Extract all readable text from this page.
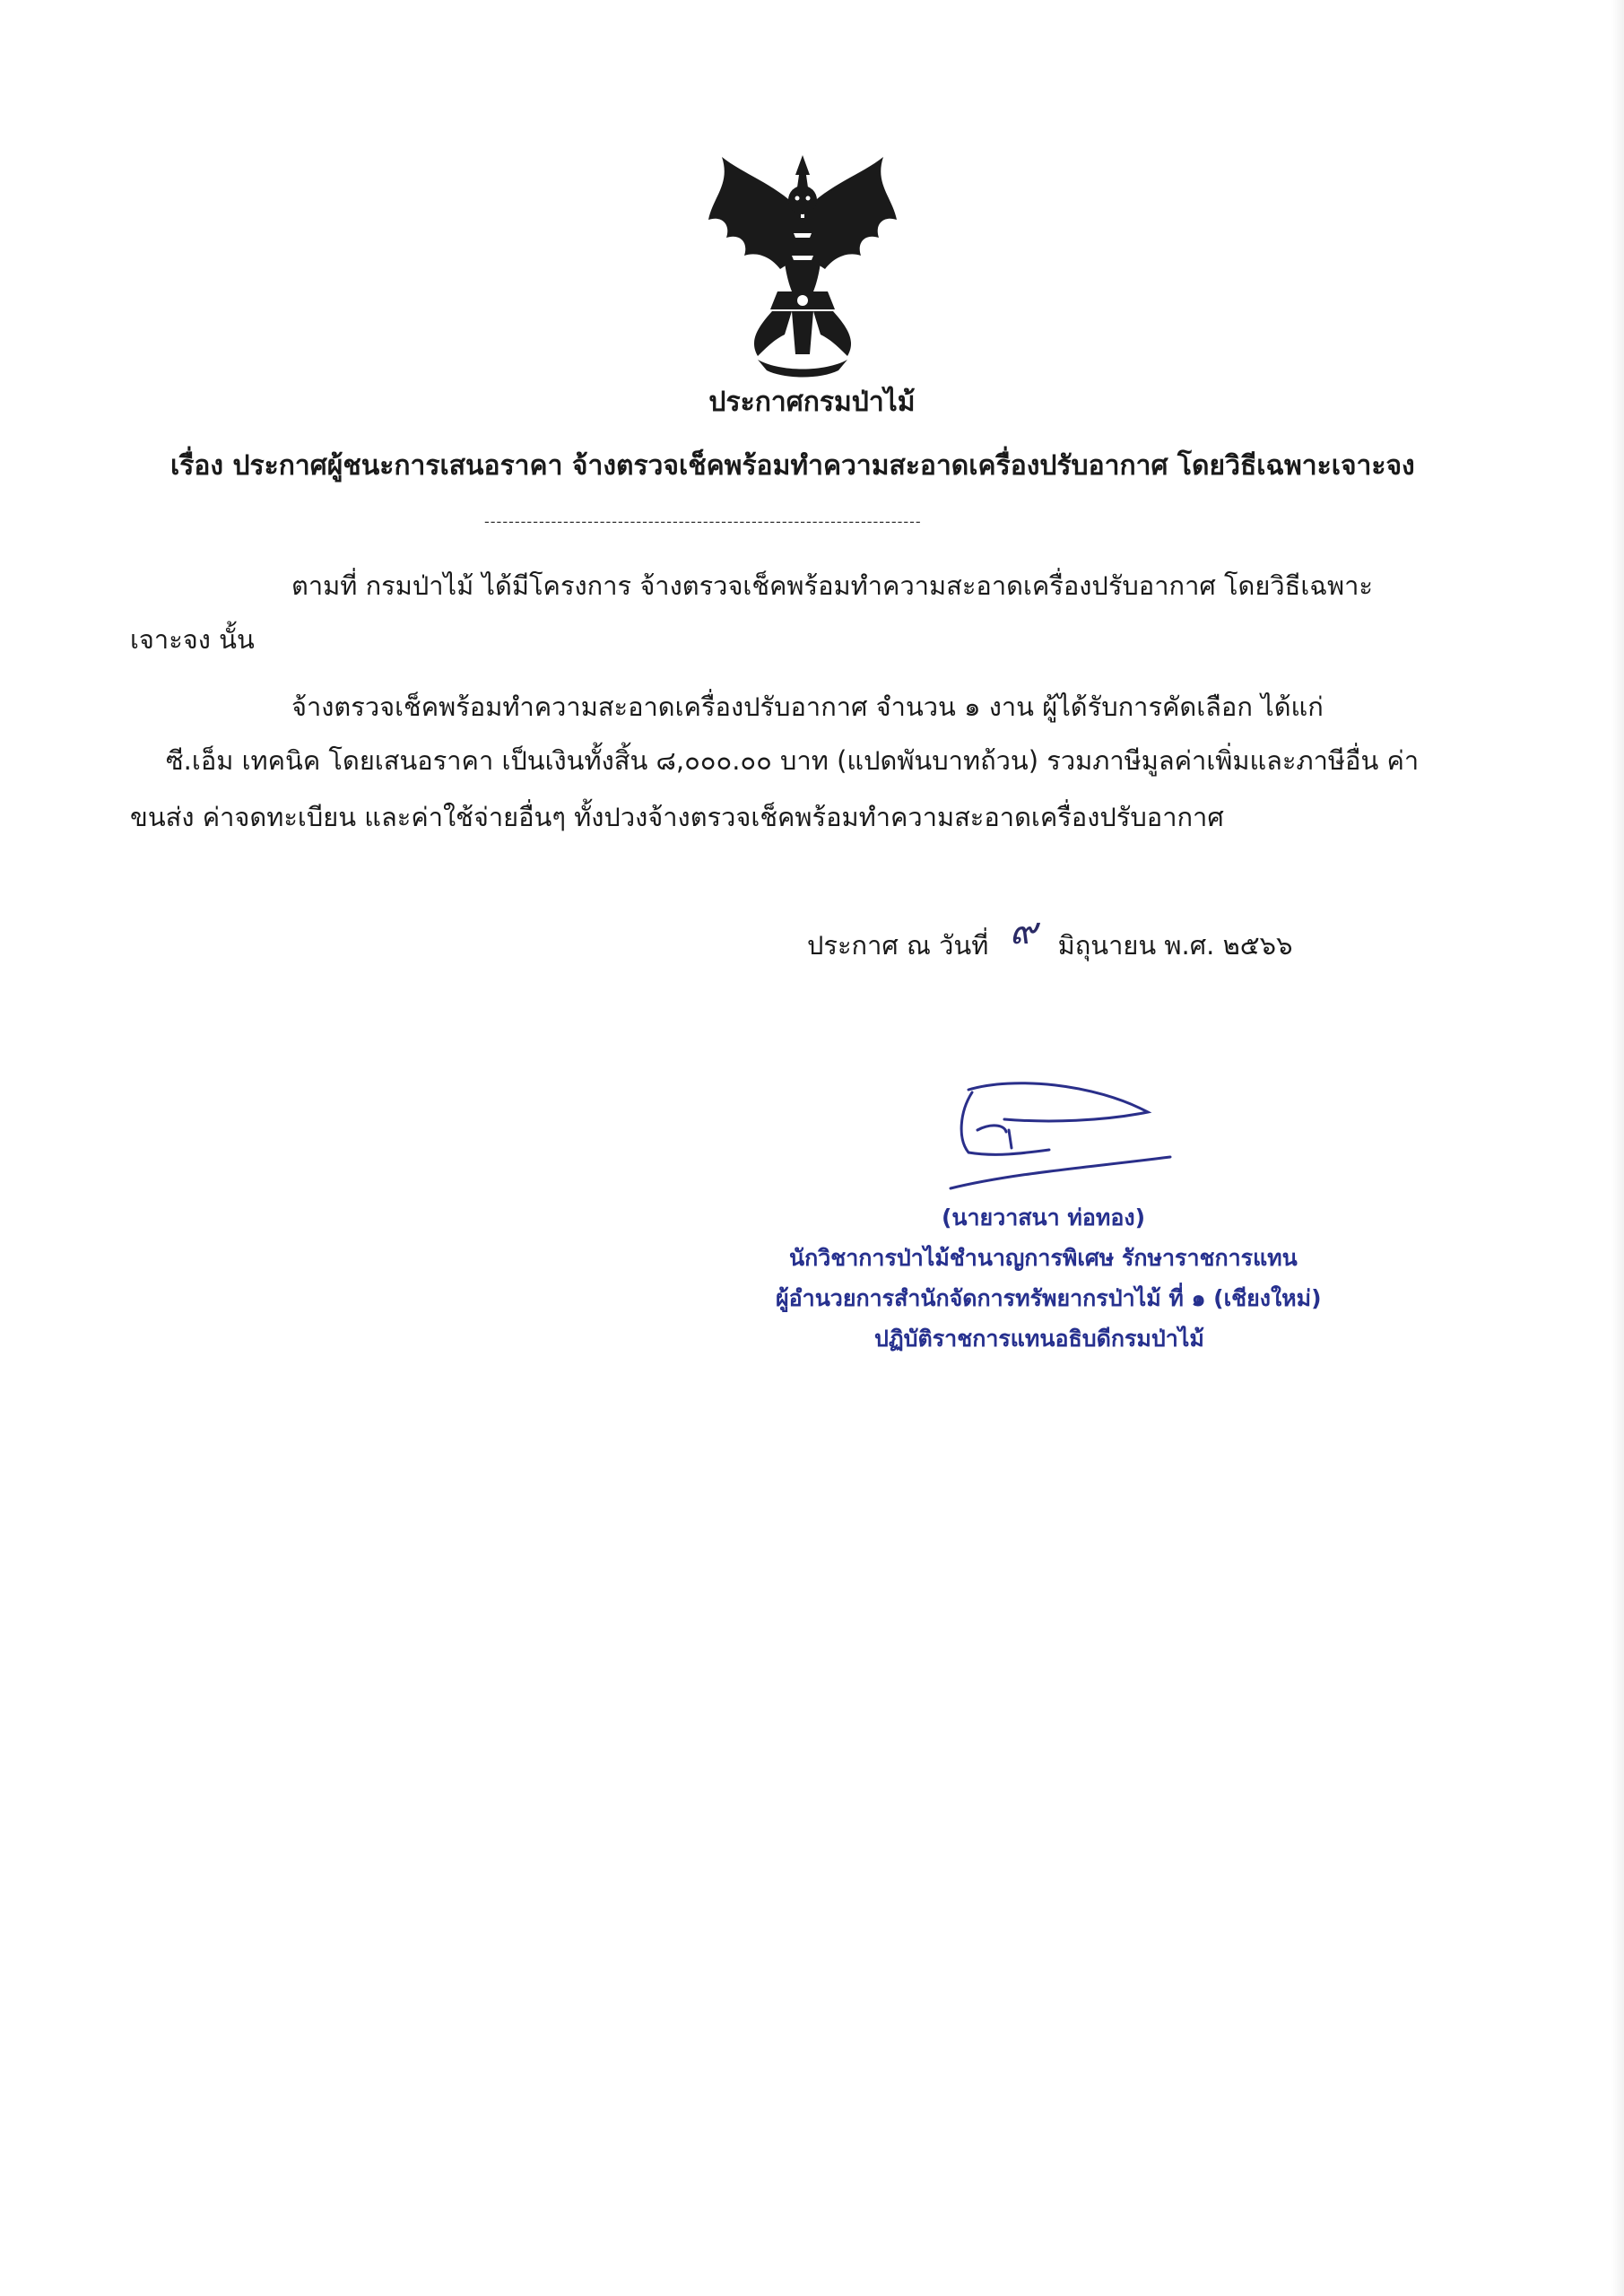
ประกาศกรมป่าไม้
เรื่อง ประกาศผู้ชนะการเสนอราคา จ้างตรวจเช็คพร้อมทำความสะอาดเครื่องปรับอากาศ โดยวิธีเฉพาะเจาะจง
------------------------------------------------------------------------
ตามที่ กรมป่าไม้ ได้มีโครงการ จ้างตรวจเช็คพร้อมทำความสะอาดเครื่องปรับอากาศ โดยวิธีเฉพาะ
เจาะจง นั้น
จ้างตรวจเช็คพร้อมทำความสะอาดเครื่องปรับอากาศ จำนวน ๑ งาน ผู้ได้รับการคัดเลือก ได้แก่
ซี.เอ็ม เทคนิค โดยเสนอราคา เป็นเงินทั้งสิ้น ๘,๐๐๐.๐๐ บาท (แปดพันบาทถ้วน) รวมภาษีมูลค่าเพิ่มและภาษีอื่น ค่า
ขนส่ง ค่าจดทะเบียน และค่าใช้จ่ายอื่นๆ ทั้งปวงจ้างตรวจเช็คพร้อมทำความสะอาดเครื่องปรับอากาศ
ประกาศ ณ วันที่ ๙ มิถุนายน พ.ศ. ๒๕๖๖
(นายวาสนา ท่อทอง)
นักวิชาการป่าไม้ชำนาญการพิเศษ รักษาราชการแทน
ผู้อำนวยการสำนักจัดการทรัพยากรป่าไม้ ที่ ๑ (เชียงใหม่)
ปฏิบัติราชการแทนอธิบดีกรมป่าไม้
